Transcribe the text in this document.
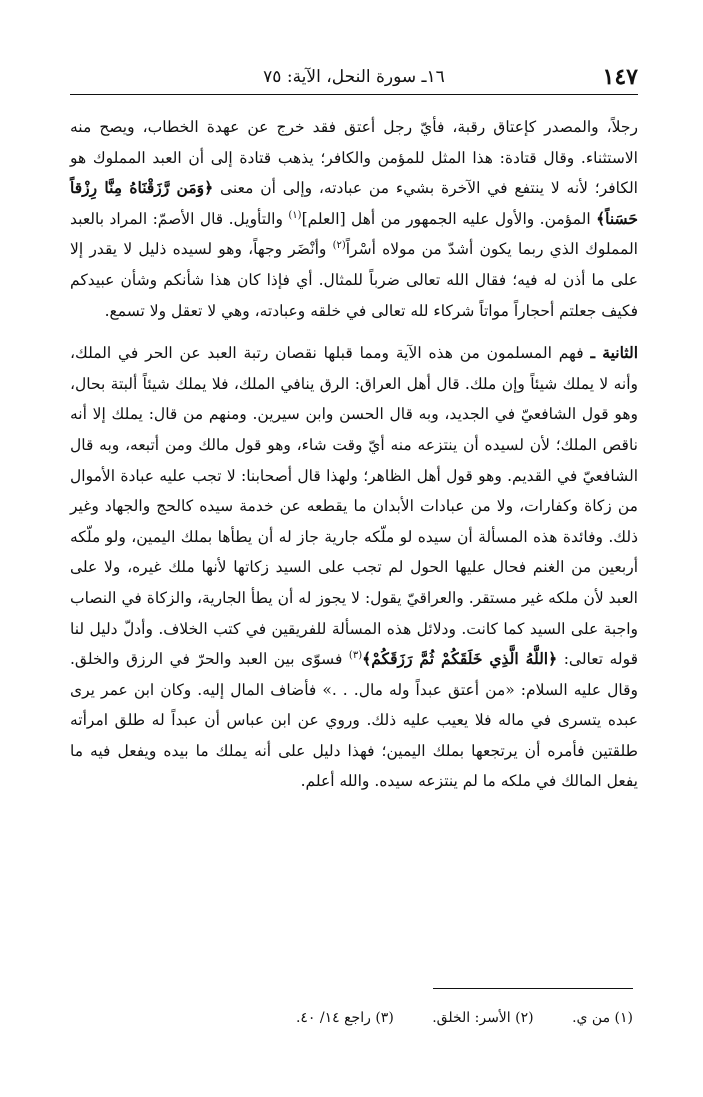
١٤٧
١٦ـ سورة النحل، الآية: ٧٥

رجلاً، والمصدر كإعتاق رقبة، فأيّ رجل أعتق فقد خرج عن عهدة الخطاب، ويصح منه الاستثناء. وقال قتادة: هذا المثل للمؤمن والكافر؛ يذهب قتادة إلى أن العبد المملوك هو الكافر؛ لأنه لا ينتفع في الآخرة بشيء من عبادته، وإلى أن معنى ﴿وَمَن رَّزَقْنَاهُ مِنَّا رِزْقاً حَسَناً﴾ المؤمن. والأول عليه الجمهور من أهل [العلم]$^{(١)}$ والتأويل. قال الأصمّ: المراد بالعبد المملوك الذي ربما يكون أشدّ من مولاه أسْراً$^{(٢)}$ وأنْضَر وجهاً، وهو لسيده ذليل لا يقدر إلا على ما أذن له فيه؛ فقال الله تعالى ضرباً للمثال. أي فإذا كان هذا شأنكم وشأن عبيدكم فكيف جعلتم أحجاراً مواتاً شركاء لله تعالى في خلقه وعبادته، وهي لا تعقل ولا تسمع.

الثانية ـ فهم المسلمون من هذه الآية ومما قبلها نقصان رتبة العبد عن الحر في الملك، وأنه لا يملك شيئاً وإن ملك. قال أهل العراق: الرق ينافي الملك، فلا يملك شيئاً ألبتة بحال، وهو قول الشافعيّ في الجديد، وبه قال الحسن وابن سيرين. ومنهم من قال: يملك إلا أنه ناقص الملك؛ لأن لسيده أن ينتزعه منه أيّ وقت شاء، وهو قول مالك ومن أتبعه، وبه قال الشافعيّ في القديم. وهو قول أهل الظاهر؛ ولهذا قال أصحابنا: لا تجب عليه عبادة الأموال من زكاة وكفارات، ولا من عبادات الأبدان ما يقطعه عن خدمة سيده كالحج والجهاد وغير ذلك. وفائدة هذه المسألة أن سيده لو ملّكه جارية جاز له أن يطأها بملك اليمين، ولو ملّكه أربعين من الغنم فحال عليها الحول لم تجب على السيد زكاتها لأنها ملك غيره، ولا على العبد لأن ملكه غير مستقر. والعراقيّ يقول: لا يجوز له أن يطأ الجارية، والزكاة في النصاب واجبة على السيد كما كانت. ودلائل هذه المسألة للفريقين في كتب الخلاف. وأدلّ دليل لنا قوله تعالى: ﴿اللَّهُ الَّذِي خَلَقَكُمْ ثُمَّ رَزَقَكُمْ﴾$^{(٣)}$ فسوّى بين العبد والحرّ في الرزق والخلق. وقال عليه السلام: «من أعتق عبداً وله مال. . .» فأضاف المال إليه. وكان ابن عمر يرى عبده يتسرى في ماله فلا يعيب عليه ذلك. وروي عن ابن عباس أن عبداً له طلق امرأته طلقتين فأمره أن يرتجعها بملك اليمين؛ فهذا دليل على أنه يملك ما بيده ويفعل فيه ما يفعل المالك في ملكه ما لم ينتزعه سيده. والله أعلم.

(١) من ي. (٢) الأسر: الخلق. (٣) راجع ١٤/ ٤٠.
